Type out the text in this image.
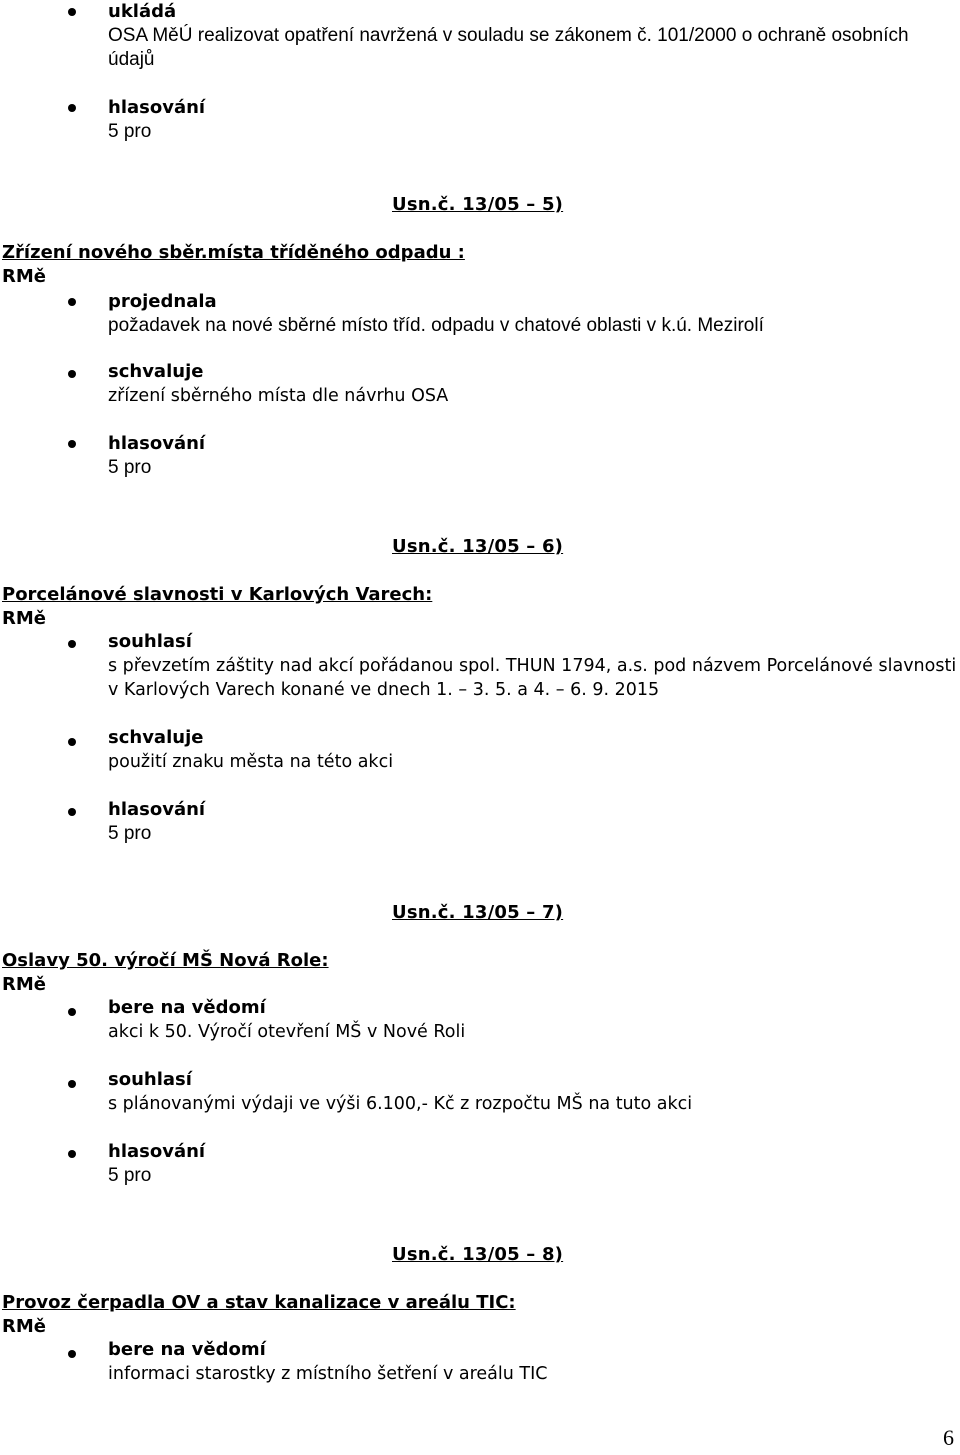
ukládá
OSA MěÚ realizovat opatření navržená v souladu se zákonem č. 101/2000 o ochraně osobních
údajů
hlasování
5 pro
Usn.č. 13/05 – 5)
Zřízení nového sběr.místa tříděného odpadu :
RMě
projednala
požadavek na nové sběrné místo tříd. odpadu v chatové oblasti v k.ú. Mezirolí
schvaluje
zřízení sběrného místa dle návrhu OSA
hlasování
5 pro
Usn.č. 13/05 – 6)
Porcelánové slavnosti v Karlových Varech:
RMě
souhlasí
s převzetím záštity nad akcí pořádanou spol. THUN 1794, a.s. pod názvem Porcelánové slavnosti
v Karlových Varech konané ve dnech 1. – 3. 5. a 4. – 6. 9. 2015
schvaluje
použití znaku města na této akci
hlasování
5 pro
Usn.č. 13/05 – 7)
Oslavy 50. výročí MŠ Nová Role:
RMě
bere na vědomí
akci k 50. Výročí otevření MŠ v Nové Roli
souhlasí
s plánovanými výdaji ve výši 6.100,- Kč z rozpočtu MŠ na tuto akci
hlasování
5 pro
Usn.č. 13/05 – 8)
Provoz čerpadla OV a stav kanalizace v areálu TIC:
RMě
bere na vědomí
informaci starostky z místního šetření v areálu TIC
6
